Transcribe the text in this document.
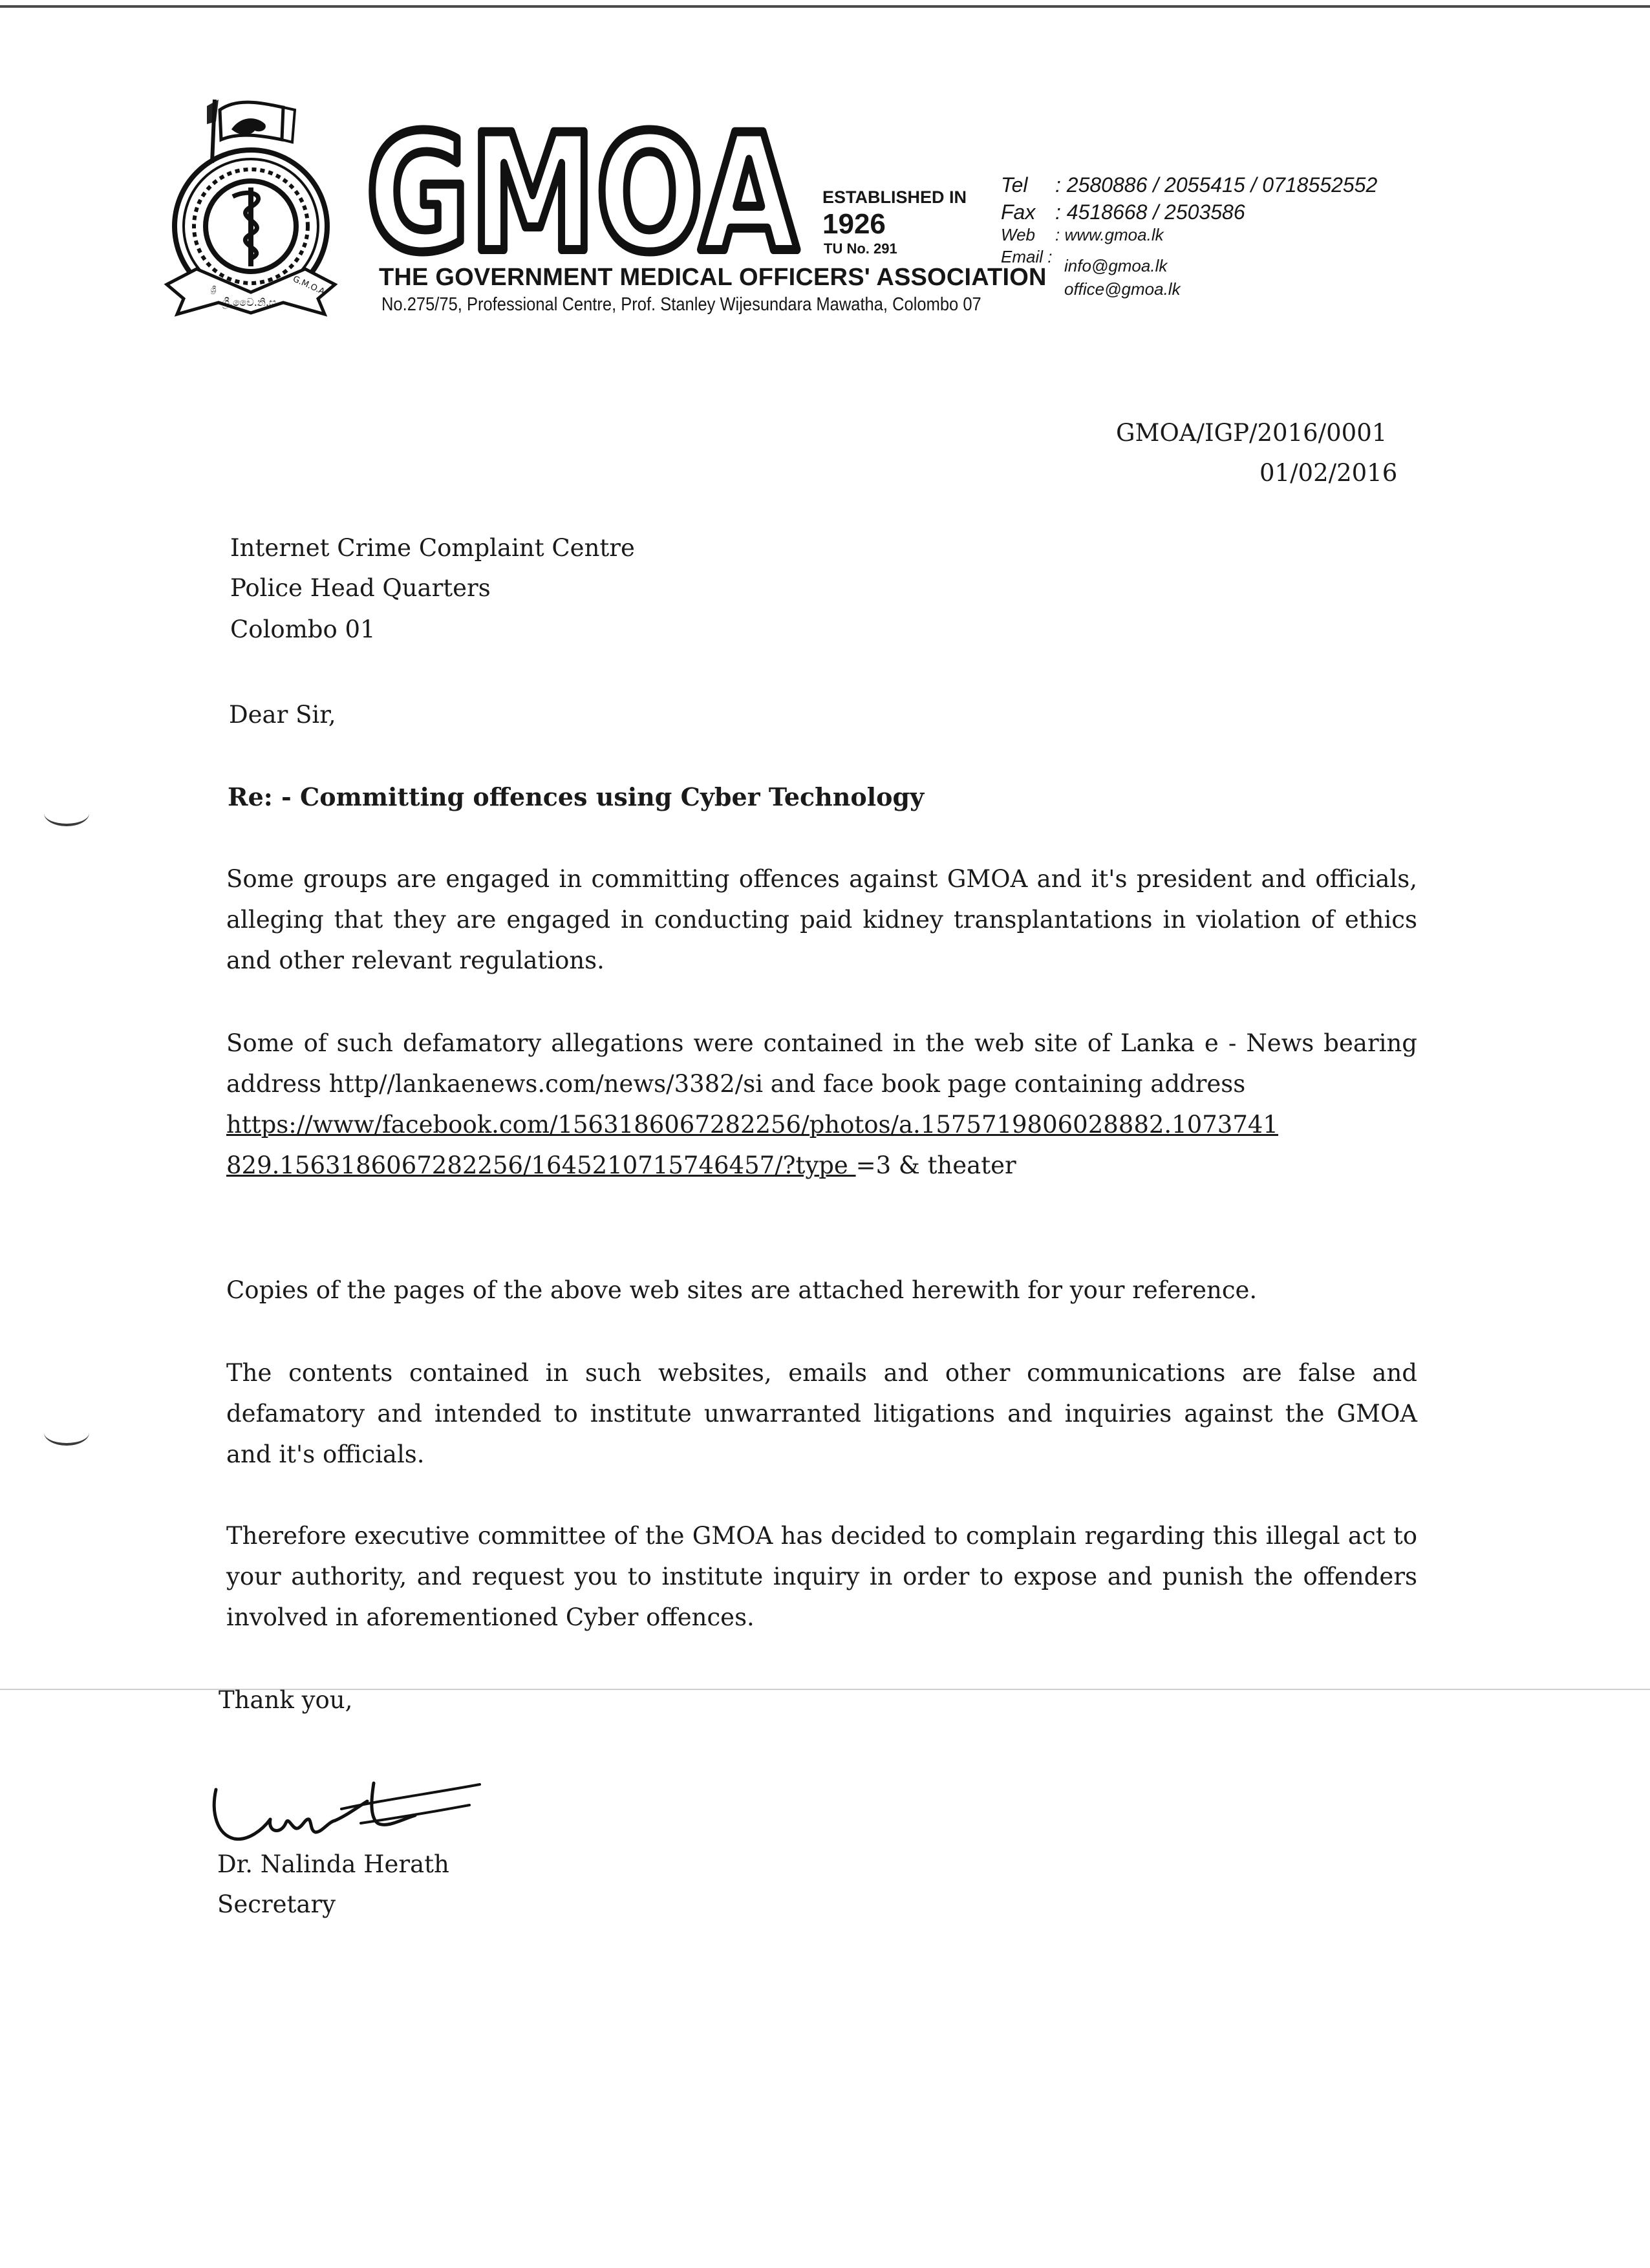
ශ්‍රී.වෛ.නි.ස.
ශ්‍රී	G.M.O.A GMOA ESTABLISHED IN
1926
TU No. 291
THE GOVERNMENT MEDICAL OFFICERS' ASSOCIATION
No.275/75, Professional Centre, Prof. Stanley Wijesundara Mawatha, Colombo 07
Tel : 2580886 / 2055415 / 0718552552
Fax : 4518668 / 2503586
Web : www.gmoa.lk
Email : info@gmoa.lk
office@gmoa.lk
GMOA/IGP/2016/0001
01/02/2016
Internet Crime Complaint Centre
Police Head Quarters
Colombo 01
Dear Sir,
Re: - Committing offences using Cyber Technology

Some groups are engaged in committing offences against GMOA and it's president and officials, alleging that they are engaged in conducting paid kidney transplantations in violation of ethics and other relevant regulations.

Some of such defamatory allegations were contained in the web site of Lanka e - News bearing address http//lankaenews.com/news/3382/si and face book page containing address
https://www/facebook.com/1563186067282256/photos/a.1575719806028882.1073741
829.1563186067282256/1645210715746457/?type =3 & theater

Copies of the pages of the above web sites are attached herewith for your reference.

The contents contained in such websites, emails and other communications are false and defamatory and intended to institute unwarranted litigations and inquiries against the GMOA and it's officials.

Therefore executive committee of the GMOA has decided to complain regarding this illegal act to your authority, and request you to institute inquiry in order to expose and punish the offenders involved in aforementioned Cyber offences.

Thank you,
Dr. Nalinda Herath
Secretary
